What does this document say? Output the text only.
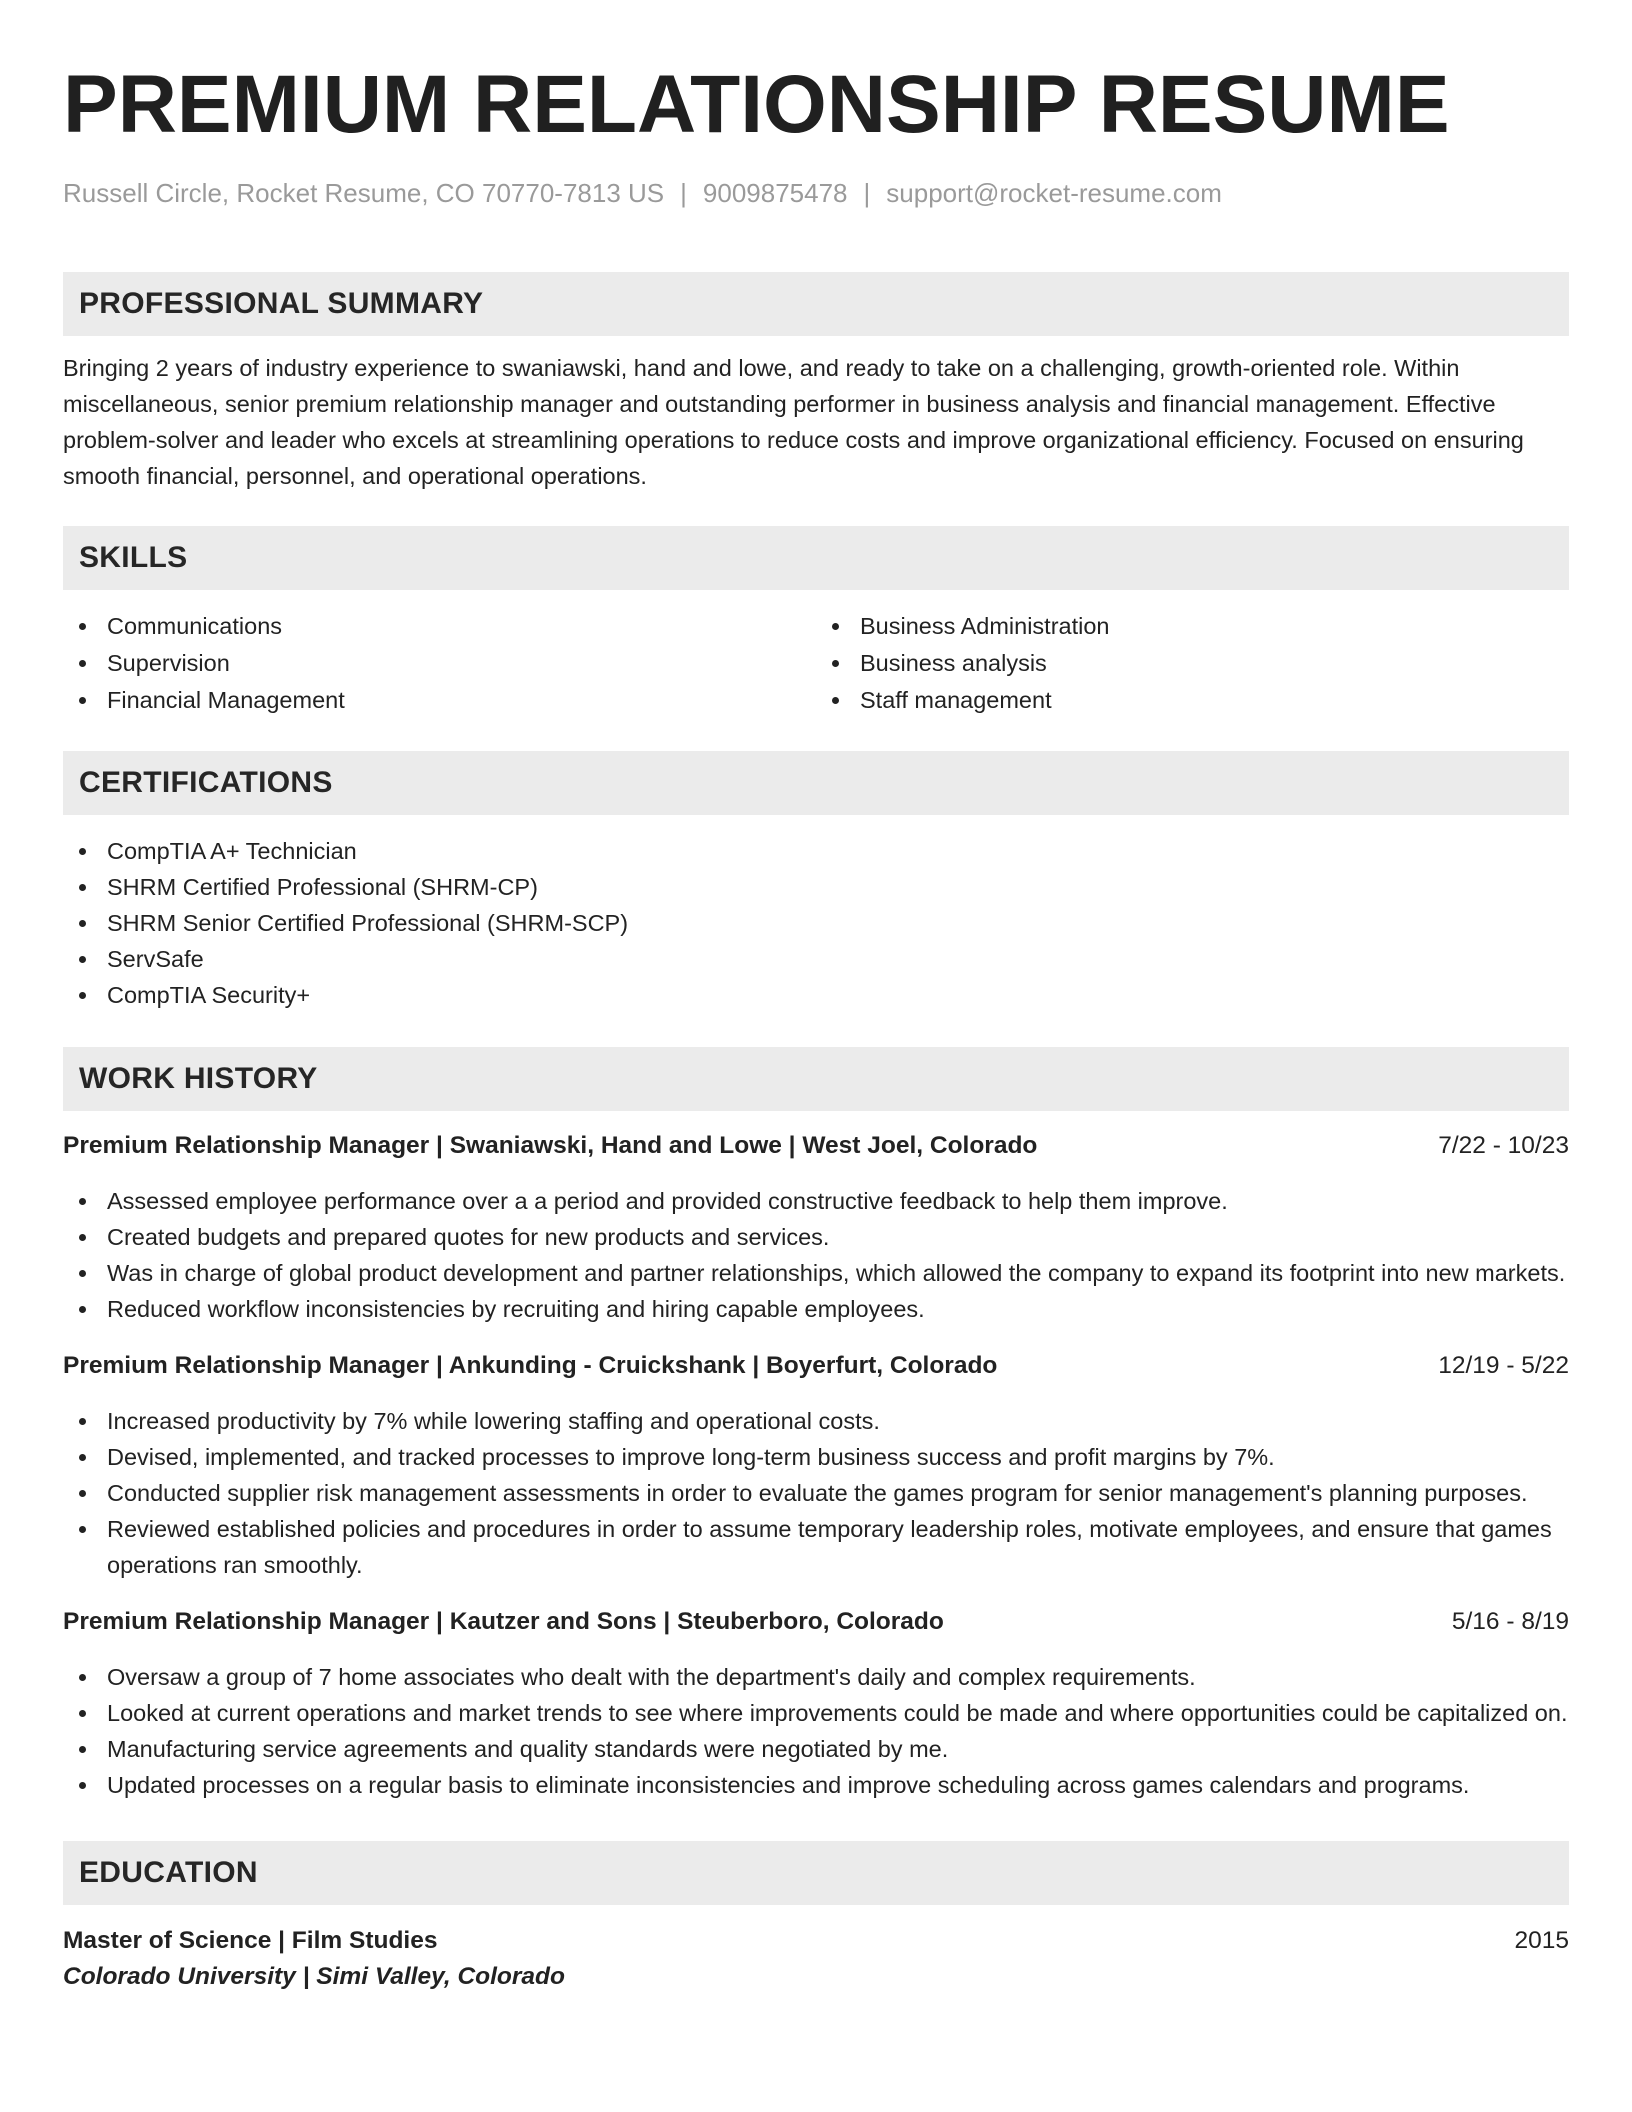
PREMIUM RELATIONSHIP RESUME
Russell Circle, Rocket Resume, CO 70770-7813 US | 9009875478 | support@rocket-resume.com
PROFESSIONAL SUMMARY

Bringing 2 years of industry experience to swaniawski, hand and lowe, and ready to take on a challenging, growth-oriented role. Within miscellaneous, senior premium relationship manager and outstanding performer in business analysis and financial management. Effective problem-solver and leader who excels at streamlining operations to reduce costs and improve organizational efficiency. Focused on ensuring smooth financial, personnel, and operational operations.

SKILLS
Communications
Supervision
Financial Management
Business Administration
Business analysis
Staff management
CERTIFICATIONS
CompTIA A+ Technician
SHRM Certified Professional (SHRM-CP)
SHRM Senior Certified Professional (SHRM-SCP)
ServSafe
CompTIA Security+
WORK HISTORY
Premium Relationship Manager | Swaniawski, Hand and Lowe | West Joel, Colorado	7/22 - 10/23
Assessed employee performance over a a period and provided constructive feedback to help them improve.
Created budgets and prepared quotes for new products and services.
Was in charge of global product development and partner relationships, which allowed the company to expand its footprint into new markets.
Reduced workflow inconsistencies by recruiting and hiring capable employees.
Premium Relationship Manager | Ankunding - Cruickshank | Boyerfurt, Colorado	12/19 - 5/22
Increased productivity by 7% while lowering staffing and operational costs.
Devised, implemented, and tracked processes to improve long-term business success and profit margins by 7%.
Conducted supplier risk management assessments in order to evaluate the games program for senior management's planning purposes.
Reviewed established policies and procedures in order to assume temporary leadership roles, motivate employees, and ensure that games operations ran smoothly.
Premium Relationship Manager | Kautzer and Sons | Steuberboro, Colorado	5/16 - 8/19
Oversaw a group of 7 home associates who dealt with the department's daily and complex requirements.
Looked at current operations and market trends to see where improvements could be made and where opportunities could be capitalized on.
Manufacturing service agreements and quality standards were negotiated by me.
Updated processes on a regular basis to eliminate inconsistencies and improve scheduling across games calendars and programs.
EDUCATION
Master of Science | Film Studies	2015
Colorado University | Simi Valley, Colorado
